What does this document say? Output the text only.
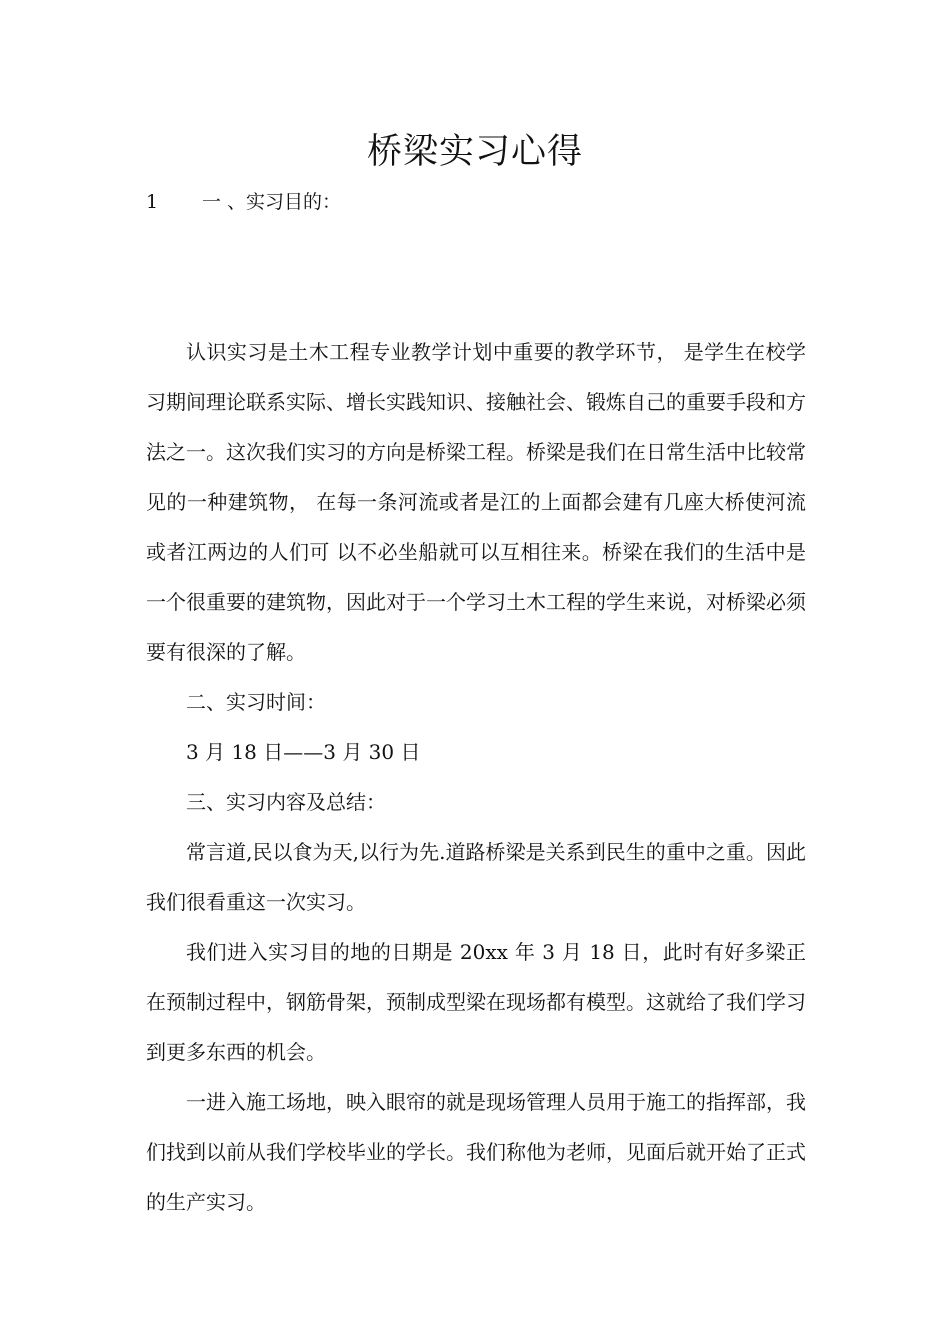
桥梁实习心得
1 一 、实习目的：

认识实习是土木工程专业教学计划中重要的教学环节， 是学生在校学习期间理论联系实际、增长实践知识、接触社会、锻炼自己的重要手段和方法之一。这次我们实习的方向是桥梁工程。桥梁是我们在日常生活中比较常见的一种建筑物， 在每一条河流或者是江的上面都会建有几座大桥使河流或者江两边的人们可 以不必坐船就可以互相往来。桥梁在我们的生活中是一个很重要的建筑物，因此对于一个学习土木工程的学生来说，对桥梁必须要有很深的了解。

二、实习时间：

3 月 18 日——3 月 30 日

三、实习内容及总结：

常言道,民以食为天,以行为先.道路桥梁是关系到民生的重中之重。因此我们很看重这一次实习。

我们进入实习目的地的日期是 20xx 年 3 月 18 日，此时有好多梁正在预制过程中，钢筋骨架，预制成型梁在现场都有模型。这就给了我们学习到更多东西的机会。

一进入施工场地，映入眼帘的就是现场管理人员用于施工的指挥部，我们找到以前从我们学校毕业的学长。我们称他为老师，见面后就开始了正式的生产实习。
